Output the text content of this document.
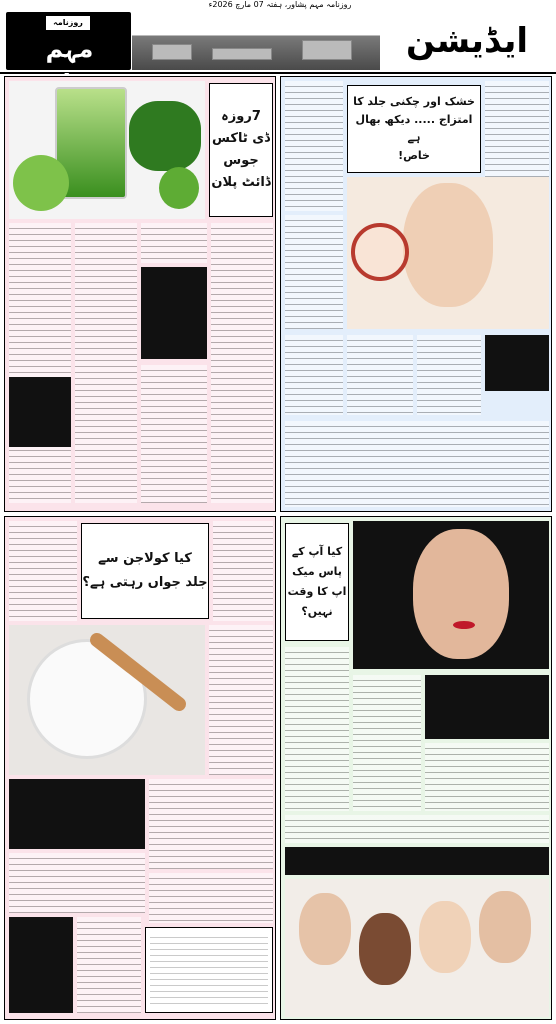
روزنامہ مہم پشاور، ہفتہ 07 مارچ 2026ء
روزنامہ
مہم	ایڈیشن
7روزہ
ڈی ٹاکس
جوس
ڈائٹ پلان
خشک اور چکنی جلد کا
امتزاج ..... دیکھ بھال ہے
خاص!
کیا کولاجن سے
جلد جواں رہتی ہے؟
کیا آپ کے
پاس میک
اپ کا وقت
نہیں؟
